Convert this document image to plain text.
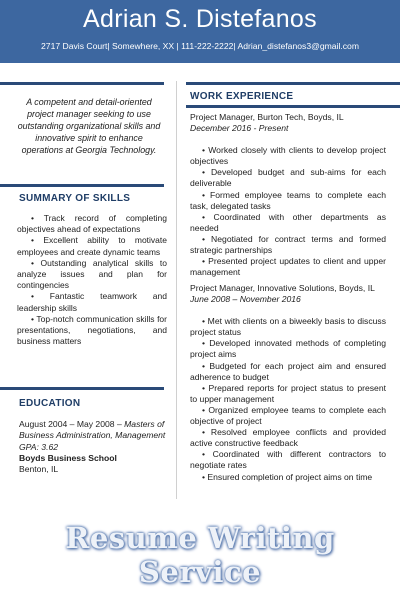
Adrian S. Distefanos
2717 Davis Court| Somewhere, XX | 111-222-2222| Adrian_distefanos3@gmail.com
A competent and detail-oriented project manager seeking to use outstanding organizational skills and innovative spirit to enhance operations at Georgia Technology.
SUMMARY OF SKILLS

• Track record of completing objectives ahead of expectations

• Excellent ability to motivate employees and create dynamic teams

• Outstanding analytical skills to analyze issues and plan for contingencies

• Fantastic teamwork and leadership skills

• Top-notch communication skills for presentations, negotiations, and business matters

EDUCATION
August 2004 – May 2008 – Masters of Business Administration, Management
GPA: 3.62
Boyds Business School
Benton, IL
WORK EXPERIENCE
Project Manager, Burton Tech, Boyds, IL
December 2016 - Present

• Worked closely with clients to develop project objectives

• Developed budget and sub-aims for each deliverable

• Formed employee teams to complete each task, delegated tasks

• Coordinated with other departments as needed

• Negotiated for contract terms and formed strategic partnerships

• Presented project updates to client and upper management

Project Manager, Innovative Solutions, Boyds, IL June 2008 – November 2016

• Met with clients on a biweekly basis to discuss project status

• Developed innovated methods of completing project aims

• Budgeted for each project aim and ensured adherence to budget

• Prepared reports for project status to present to upper management

• Organized employee teams to complete each objective of project

• Resolved employee conflicts and provided active constructive feedback

• Coordinated with different contractors to negotiate rates

• Ensured completion of project aims on time

Resume Writing Service
